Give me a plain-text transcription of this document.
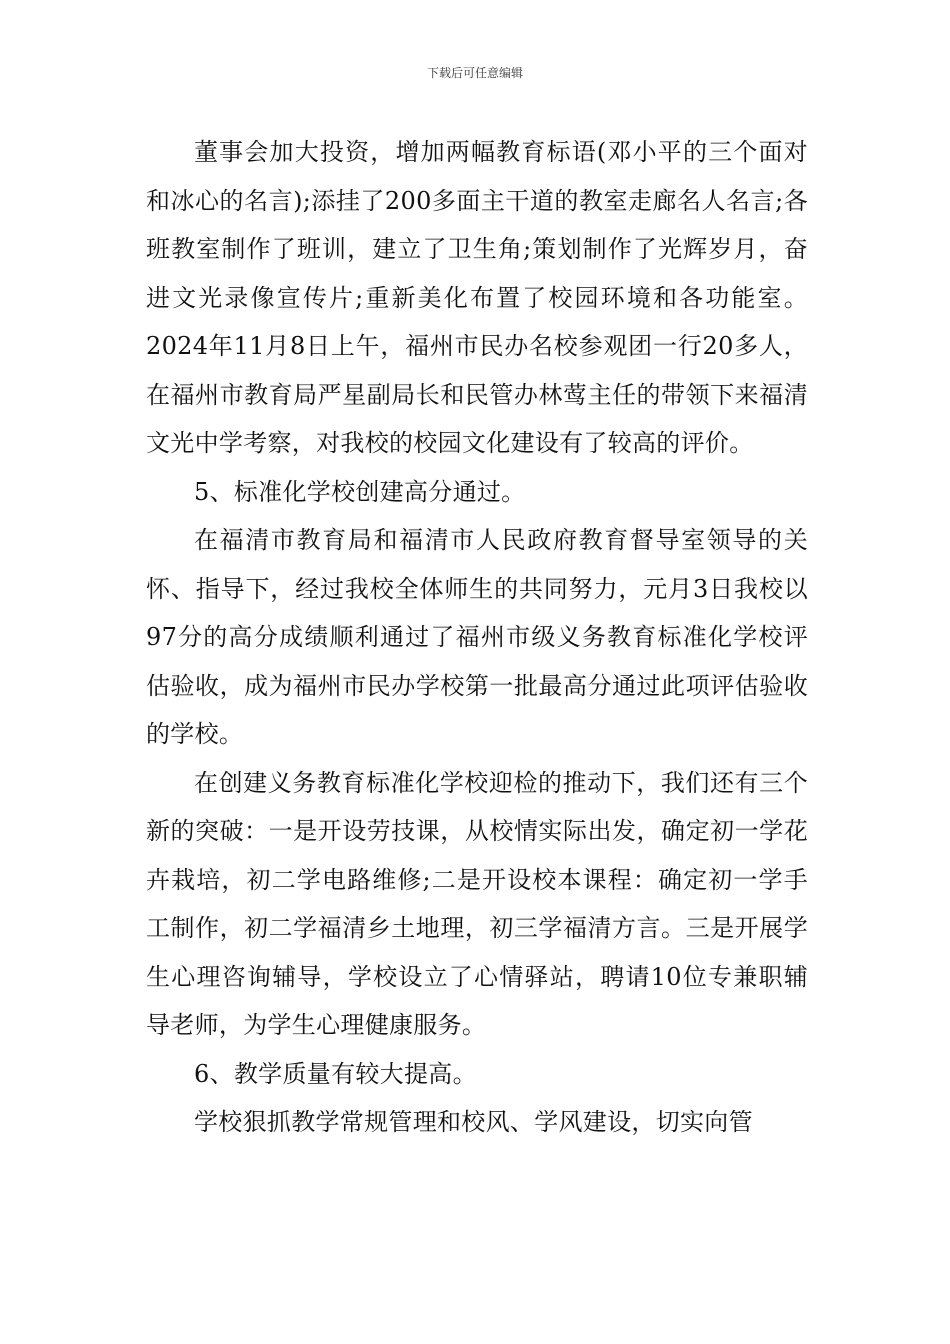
下载后可任意编辑

董事会加大投资，增加两幅教育标语(邓小平的三个面对和冰心的名言);添挂了200多面主干道的教室走廊名人名言;各班教室制作了班训，建立了卫生角;策划制作了光辉岁月，奋进文光录像宣传片;重新美化布置了校园环境和各功能室。2024年11月8日上午，福州市民办名校参观团一行20多人，在福州市教育局严星副局长和民管办林莺主任的带领下来福清文光中学考察，对我校的校园文化建设有了较高的评价。

5、标准化学校创建高分通过。

在福清市教育局和福清市人民政府教育督导室领导的关怀、指导下，经过我校全体师生的共同努力，元月3日我校以97分的高分成绩顺利通过了福州市级义务教育标准化学校评估验收，成为福州市民办学校第一批最高分通过此项评估验收的学校。

在创建义务教育标准化学校迎检的推动下，我们还有三个新的突破：一是开设劳技课，从校情实际出发，确定初一学花卉栽培，初二学电路维修;二是开设校本课程：确定初一学手工制作，初二学福清乡土地理，初三学福清方言。三是开展学生心理咨询辅导，学校设立了心情驿站，聘请10位专兼职辅导老师，为学生心理健康服务。

6、教学质量有较大提高。

学校狠抓教学常规管理和校风、学风建设，切实向管
